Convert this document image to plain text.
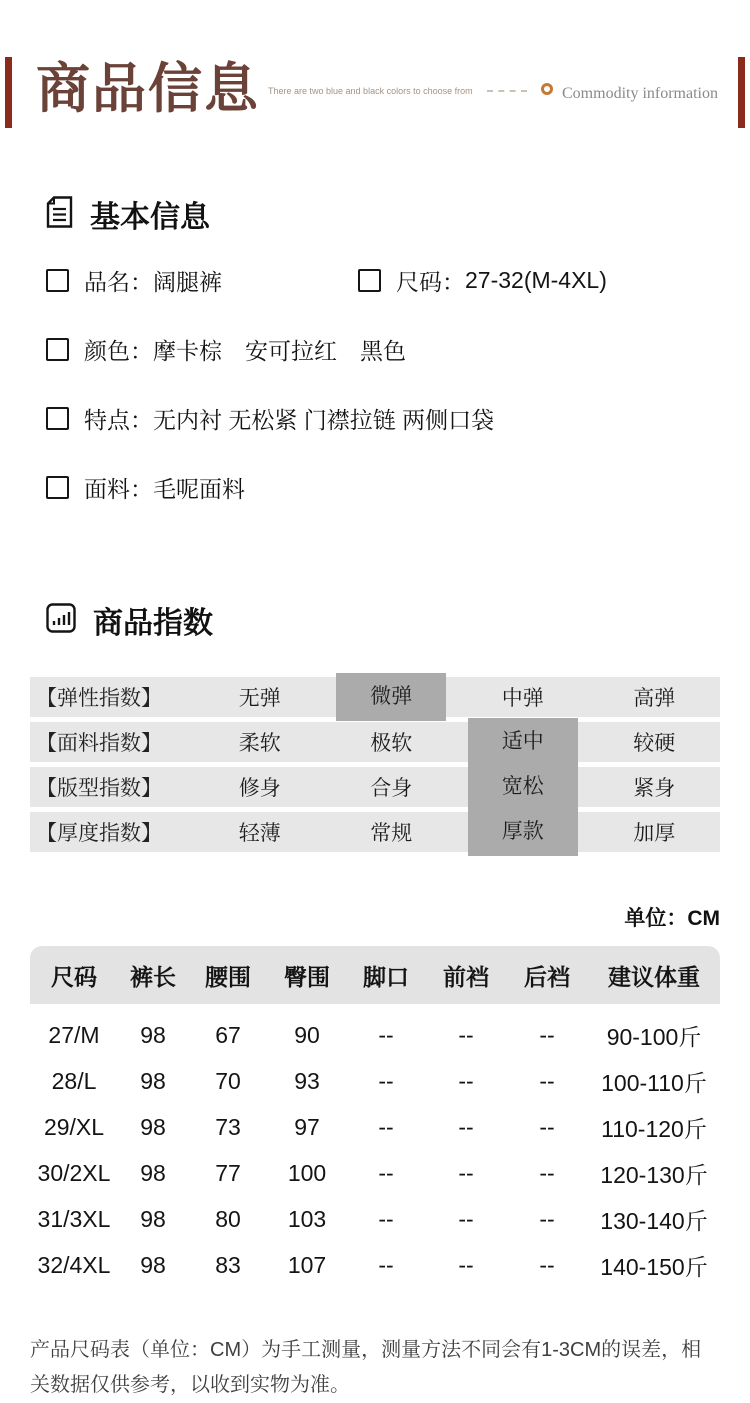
商品信息 There are two blue and black colors to choose from	Commodity information
基本信息
品名： 阔腿裤	尺码： 27-32(M-4XL)
颜色： 摩卡棕　安可拉红　黑色
特点： 无内衬 无松紧 门襟拉链 两侧口袋
面料： 毛呢面料
商品指数
【弹性指数】	无弹	微弹	中弹	高弹
【面料指数】	柔软	极软	适中	较硬
【版型指数】	修身	合身	宽松	紧身
【厚度指数】	轻薄	常规	厚款	加厚
单位：CM
尺码	裤长	腰围	臀围	脚口	前裆	后裆	建议体重
27/M	98	67	90	--	--	--	90-100斤
28/L	98	70	93	--	--	--	100-110斤
29/XL	98	73	97	--	--	--	110-120斤
30/2XL	98	77	100	--	--	--	120-130斤
31/3XL	98	80	103	--	--	--	130-140斤
32/4XL	98	83	107	--	--	--	140-150斤
产品尺码表（单位：CM）为手工测量，测量方法不同会有1-3CM的误差，相关数据仅供参考，以收到实物为准。
